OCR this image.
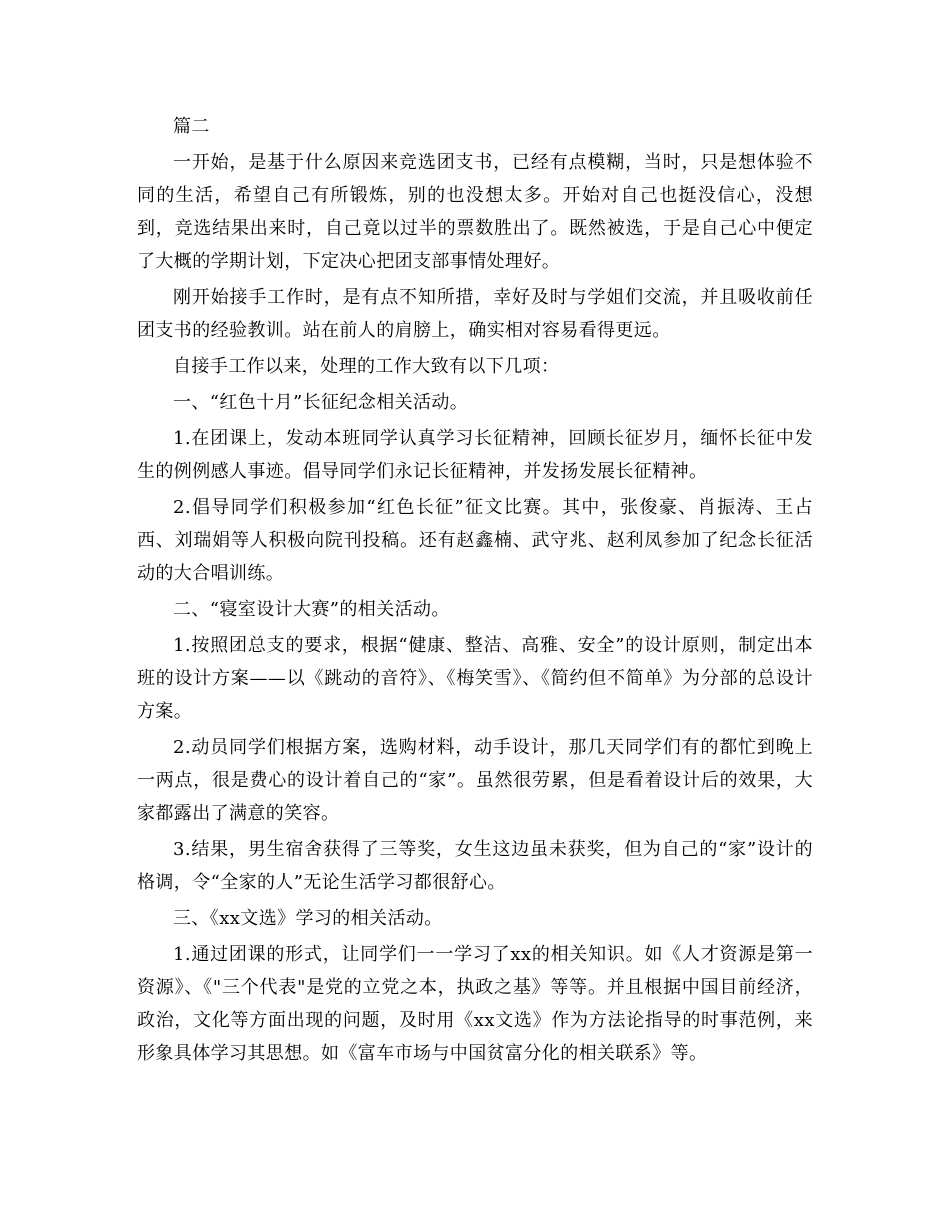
篇二

一开始，是基于什么原因来竞选团支书，已经有点模糊，当时，只是想体验不同的生活，希望自己有所锻炼，别的也没想太多。开始对自己也挺没信心，没想到，竞选结果出来时，自己竟以过半的票数胜出了。既然被选，于是自己心中便定了大概的学期计划，下定决心把团支部事情处理好。

刚开始接手工作时，是有点不知所措，幸好及时与学姐们交流，并且吸收前任团支书的经验教训。站在前人的肩膀上，确实相对容易看得更远。

自接手工作以来，处理的工作大致有以下几项：

一、“红色十月”长征纪念相关活动。

1.在团课上，发动本班同学认真学习长征精神，回顾长征岁月，缅怀长征中发生的例例感人事迹。倡导同学们永记长征精神，并发扬发展长征精神。

2.倡导同学们积极参加“红色长征”征文比赛。其中，张俊豪、肖振涛、王占西、刘瑞娟等人积极向院刊投稿。还有赵鑫楠、武守兆、赵利凤参加了纪念长征活动的大合唱训练。

二、“寝室设计大赛”的相关活动。

1.按照团总支的要求，根据“健康、整洁、高雅、安全”的设计原则，制定出本班的设计方案——以《跳动的音符》、《梅笑雪》、《简约但不简单》为分部的总设计方案。

2.动员同学们根据方案，选购材料，动手设计，那几天同学们有的都忙到晚上一两点，很是费心的设计着自己的“家”。虽然很劳累，但是看着设计后的效果，大家都露出了满意的笑容。

3.结果，男生宿舍获得了三等奖，女生这边虽未获奖，但为自己的“家”设计的格调，令“全家的人”无论生活学习都很舒心。

三、《xx文选》学习的相关活动。

1.通过团课的形式，让同学们一一学习了xx的相关知识。如《人才资源是第一资源》、《"三个代表"是党的立党之本，执政之基》等等。并且根据中国目前经济，政治，文化等方面出现的问题，及时用《xx文选》作为方法论指导的时事范例，来形象具体学习其思想。如《富车市场与中国贫富分化的相关联系》等。
